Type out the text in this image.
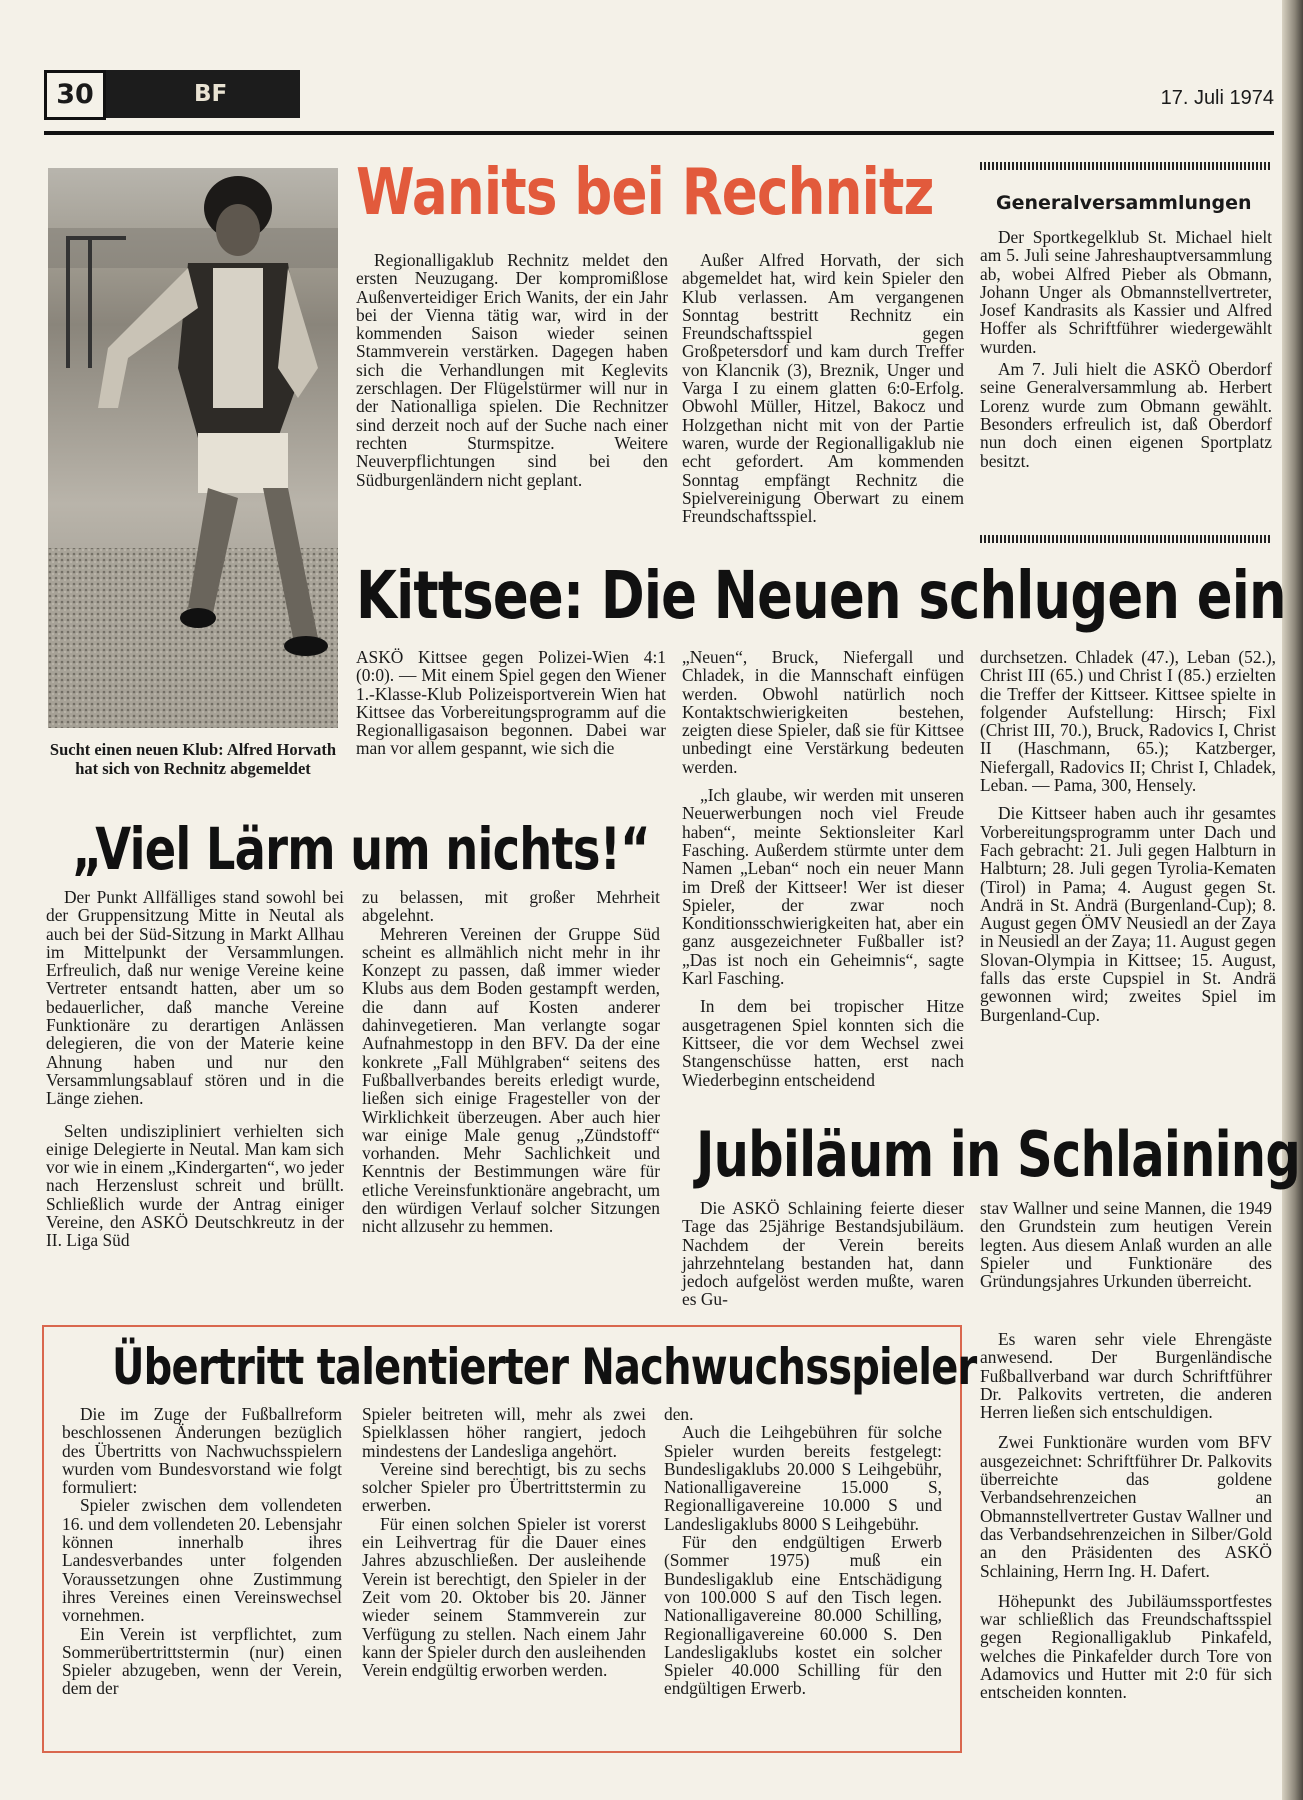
30	BF	17. Juli 1974
Sucht einen neuen Klub: Alfred Horvath hat sich von Rechnitz abgemeldet
Wanits bei Rechnitz

Regionalligaklub Rechnitz meldet den ersten Neuzugang. Der kompromißlose Außenverteidiger Erich Wanits, der ein Jahr bei der Vienna tätig war, wird in der kommenden Saison wieder seinen Stammverein verstärken. Dagegen haben sich die Verhandlungen mit Keglevits zerschlagen. Der Flügelstürmer will nur in der Nationalliga spielen. Die Rechnitzer sind derzeit noch auf der Suche nach einer rechten Sturmspitze. Weitere Neuverpflichtungen sind bei den Südburgenländern nicht geplant.

Außer Alfred Horvath, der sich abgemeldet hat, wird kein Spieler den Klub verlassen. Am vergangenen Sonntag bestritt Rechnitz ein Freundschaftsspiel gegen Großpetersdorf und kam durch Treffer von Klancnik (3), Breznik, Unger und Varga I zu einem glatten 6:0-Erfolg. Obwohl Müller, Hitzel, Bakocz und Holzgethan nicht mit von der Partie waren, wurde der Regionalligaklub nie echt gefordert. Am kommenden Sonntag empfängt Rechnitz die Spielvereinigung Oberwart zu einem Freundschaftsspiel.

Generalversammlungen

Der Sportkegelklub St. Michael hielt am 5. Juli seine Jahreshauptversammlung ab, wobei Alfred Pieber als Obmann, Johann Unger als Obmannstellvertreter, Josef Kandrasits als Kassier und Alfred Hoffer als Schriftführer wiedergewählt wurden.

Am 7. Juli hielt die ASKÖ Oberdorf seine Generalversammlung ab. Herbert Lorenz wurde zum Obmann gewählt. Besonders erfreulich ist, daß Oberdorf nun doch einen eigenen Sportplatz besitzt.

Kittsee: Die Neuen schlugen ein

ASKÖ Kittsee gegen Polizei-Wien 4:1 (0:0). — Mit einem Spiel gegen den Wiener 1.-Klasse-Klub Polizeisportverein Wien hat Kittsee das Vorbereitungsprogramm auf die Regionalligasaison begonnen. Dabei war man vor allem gespannt, wie sich die

„Neuen“, Bruck, Niefergall und Chladek, in die Mannschaft einfügen werden. Obwohl natürlich noch Kontaktschwierigkeiten bestehen, zeigten diese Spieler, daß sie für Kittsee unbedingt eine Verstärkung bedeuten werden.

„Ich glaube, wir werden mit unseren Neuerwerbungen noch viel Freude haben“, meinte Sektionsleiter Karl Fasching. Außerdem stürmte unter dem Namen „Leban“ noch ein neuer Mann im Dreß der Kittseer! Wer ist dieser Spieler, der zwar noch Konditionsschwierigkeiten hat, aber ein ganz ausgezeichneter Fußballer ist? „Das ist noch ein Geheimnis“, sagte Karl Fasching.

In dem bei tropischer Hitze ausgetragenen Spiel konnten sich die Kittseer, die vor dem Wechsel zwei Stangenschüsse hatten, erst nach Wiederbeginn entscheidend

durchsetzen. Chladek (47.), Leban (52.), Christ III (65.) und Christ I (85.) erzielten die Treffer der Kittseer. Kittsee spielte in folgender Aufstellung: Hirsch; Fixl (Christ III, 70.), Bruck, Radovics I, Christ II (Haschmann, 65.); Katzberger, Niefergall, Radovics II; Christ I, Chladek, Leban. — Pama, 300, Hensely.

Die Kittseer haben auch ihr gesamtes Vorbereitungsprogramm unter Dach und Fach gebracht: 21. Juli gegen Halbturn in Halbturn; 28. Juli gegen Tyrolia-Kematen (Tirol) in Pama; 4. August gegen St. Andrä in St. Andrä (Burgenland-Cup); 8. August gegen ÖMV Neusiedl an der Zaya in Neusiedl an der Zaya; 11. August gegen Slovan-Olympia in Kittsee; 15. August, falls das erste Cupspiel in St. Andrä gewonnen wird; zweites Spiel im Burgenland-Cup.

„Viel Lärm um nichts!“

Der Punkt Allfälliges stand sowohl bei der Gruppensitzung Mitte in Neutal als auch bei der Süd-Sitzung in Markt Allhau im Mittelpunkt der Versammlungen. Erfreulich, daß nur wenige Vereine keine Vertreter entsandt hatten, aber um so bedauerlicher, daß manche Vereine Funktionäre zu derartigen Anlässen delegieren, die von der Materie keine Ahnung haben und nur den Versammlungsablauf stören und in die Länge ziehen.

Selten undiszipliniert verhielten sich einige Delegierte in Neutal. Man kam sich vor wie in einem „Kindergarten“, wo jeder nach Herzenslust schreit und brüllt. Schließlich wurde der Antrag einiger Vereine, den ASKÖ Deutschkreutz in der II. Liga Süd

zu belassen, mit großer Mehrheit abgelehnt.

Mehreren Vereinen der Gruppe Süd scheint es allmählich nicht mehr in ihr Konzept zu passen, daß immer wieder Klubs aus dem Boden gestampft werden, die dann auf Kosten anderer dahinvegetieren. Man verlangte sogar Aufnahmestopp in den BFV. Da der eine konkrete „Fall Mühlgraben“ seitens des Fußballverbandes bereits erledigt wurde, ließen sich einige Fragesteller von der Wirklichkeit überzeugen. Aber auch hier war einige Male genug „Zündstoff“ vorhanden. Mehr Sachlichkeit und Kenntnis der Bestimmungen wäre für etliche Vereinsfunktionäre angebracht, um den würdigen Verlauf solcher Sitzungen nicht allzusehr zu hemmen.

Jubiläum in Schlaining

Die ASKÖ Schlaining feierte dieser Tage das 25jährige Bestandsjubiläum. Nachdem der Verein bereits jahrzehntelang bestanden hat, dann jedoch aufgelöst werden mußte, waren es Gu-

stav Wallner und seine Mannen, die 1949 den Grundstein zum heutigen Verein legten. Aus diesem Anlaß wurden an alle Spieler und Funktionäre des Gründungsjahres Urkunden überreicht.

Es waren sehr viele Ehrengäste anwesend. Der Burgenländische Fußballverband war durch Schriftführer Dr. Palkovits vertreten, die anderen Herren ließen sich entschuldigen.

Zwei Funktionäre wurden vom BFV ausgezeichnet: Schriftführer Dr. Palkovits überreichte das goldene Verbandsehrenzeichen an Obmannstellvertreter Gustav Wallner und das Verbandsehrenzeichen in Silber/Gold an den Präsidenten des ASKÖ Schlaining, Herrn Ing. H. Dafert.

Höhepunkt des Jubiläumssportfestes war schließlich das Freundschaftsspiel gegen Regionalligaklub Pinkafeld, welches die Pinkafelder durch Tore von Adamovics und Hutter mit 2:0 für sich entscheiden konnten.

Übertritt talentierter Nachwuchsspieler

Die im Zuge der Fußballreform beschlossenen Änderungen bezüglich des Übertritts von Nachwuchsspielern wurden vom Bundesvorstand wie folgt formuliert:

Spieler zwischen dem vollendeten 16. und dem vollendeten 20. Lebensjahr können innerhalb ihres Landesverbandes unter folgenden Voraussetzungen ohne Zustimmung ihres Vereines einen Vereinswechsel vornehmen.

Ein Verein ist verpflichtet, zum Sommerübertrittstermin (nur) einen Spieler abzugeben, wenn der Verein, dem der

Spieler beitreten will, mehr als zwei Spielklassen höher rangiert, jedoch mindestens der Landesliga angehört.

Vereine sind berechtigt, bis zu sechs solcher Spieler pro Übertrittstermin zu erwerben.

Für einen solchen Spieler ist vorerst ein Leihvertrag für die Dauer eines Jahres abzuschließen. Der ausleihende Verein ist berechtigt, den Spieler in der Zeit vom 20. Oktober bis 20. Jänner wieder seinem Stammverein zur Verfügung zu stellen. Nach einem Jahr kann der Spieler durch den ausleihenden Verein endgültig erworben werden.

den.

Auch die Leihgebühren für solche Spieler wurden bereits festgelegt: Bundesligaklubs 20.000 S Leihgebühr, Nationalligavereine 15.000 S, Regionalligavereine 10.000 S und Landesligaklubs 8000 S Leihgebühr.

Für den endgültigen Erwerb (Sommer 1975) muß ein Bundesligaklub eine Entschädigung von 100.000 S auf den Tisch legen. Nationalligavereine 80.000 Schilling, Regionalligavereine 60.000 S. Den Landesligaklubs kostet ein solcher Spieler 40.000 Schilling für den endgültigen Erwerb.
